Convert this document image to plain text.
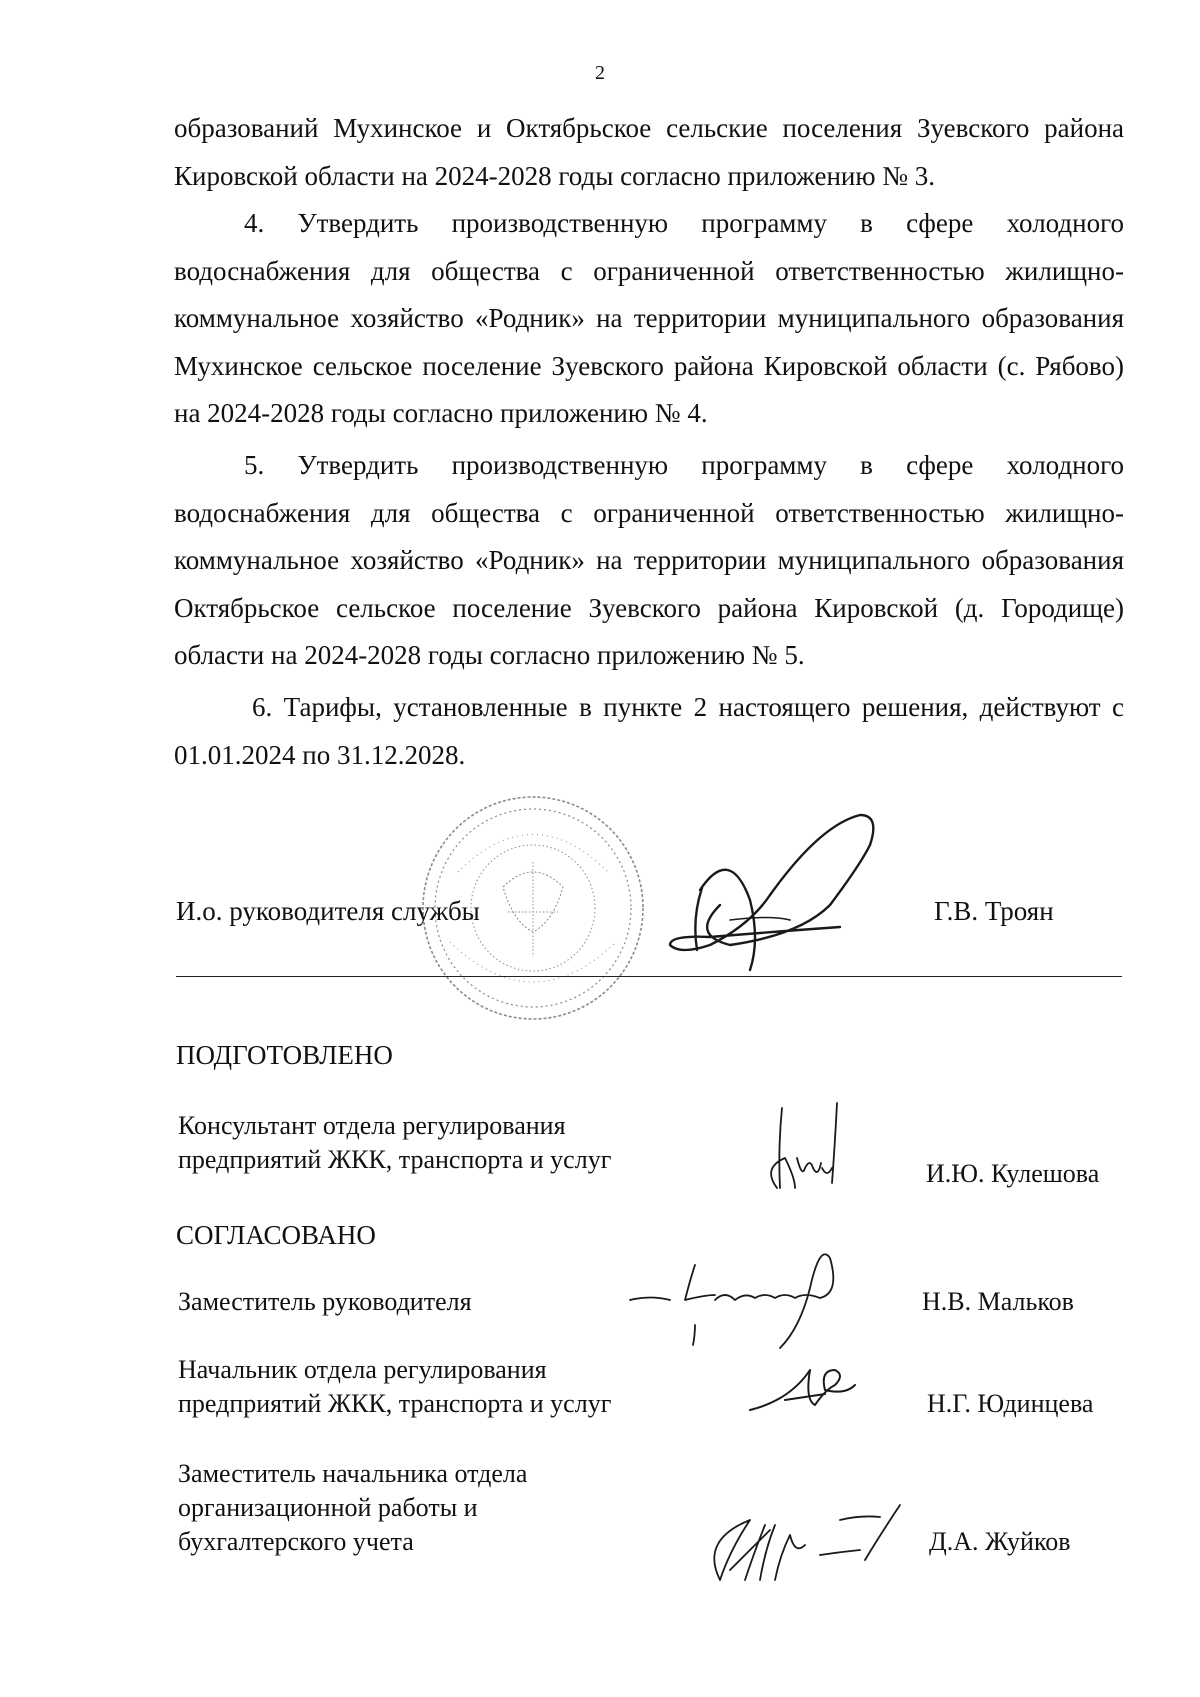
2

образований Мухинское и Октябрьское сельские поселения Зуевского района Кировской области на 2024-2028 годы согласно приложению № 3.

4. Утвердить производственную программу в сфере холодного водоснабжения для общества с ограниченной ответственностью жилищно-коммунальное хозяйство «Родник» на территории муниципального образования Мухинское сельское поселение Зуевского района Кировской области (с. Рябово) на 2024-2028 годы согласно приложению № 4.

5. Утвердить производственную программу в сфере холодного водоснабжения для общества с ограниченной ответственностью жилищно-коммунальное хозяйство «Родник» на территории муниципального образования Октябрьское сельское поселение Зуевского района Кировской (д. Городище) области на 2024-2028 годы согласно приложению № 5.

6. Тарифы, установленные в пункте 2 настоящего решения, действуют с 01.01.2024 по 31.12.2028.

И.о. руководителя службы	Г.В. Троян
ПОДГОТОВЛЕНО
Консультант отдела регулирования
предприятий ЖКК, транспорта и услуг	И.Ю. Кулешова
СОГЛАСОВАНО
Заместитель руководителя	Н.В. Мальков
Начальник отдела регулирования
предприятий ЖКК, транспорта и услуг	Н.Г. Юдинцева
Заместитель начальника отдела
организационной работы и
бухгалтерского учета	Д.А. Жуйков
